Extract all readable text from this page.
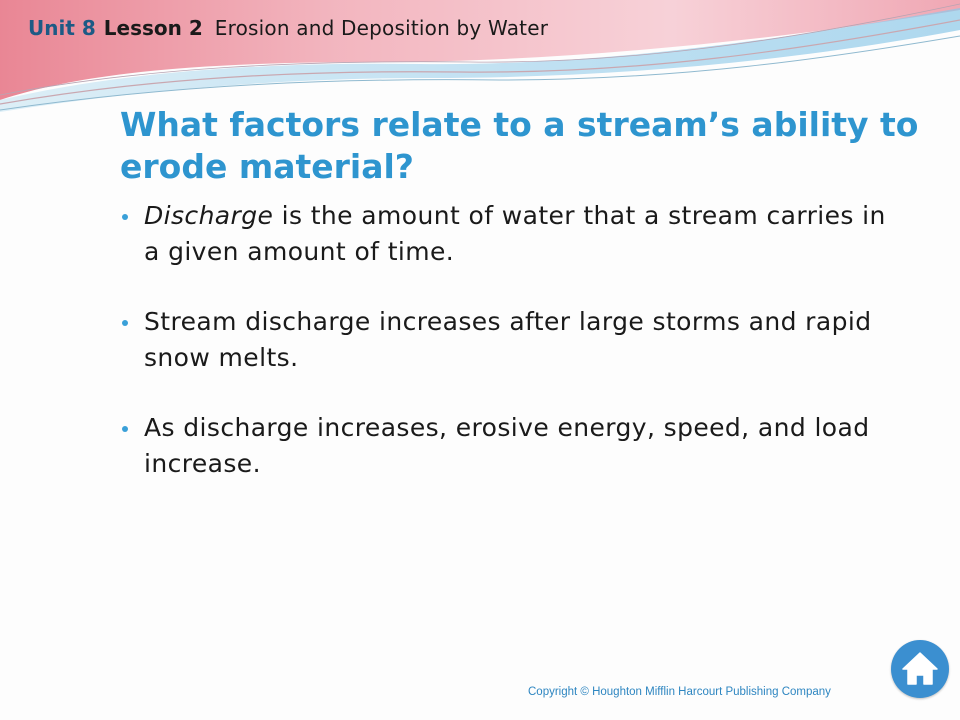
Unit 8 Lesson 2 Erosion and Deposition by Water
What factors relate to a stream’s ability to erode material?
Discharge is the amount of water that a stream carries in a given amount of time.
Stream discharge increases after large storms and rapid snow melts.
As discharge increases, erosive energy, speed, and load increase.
Copyright © Houghton Mifflin Harcourt Publishing Company
